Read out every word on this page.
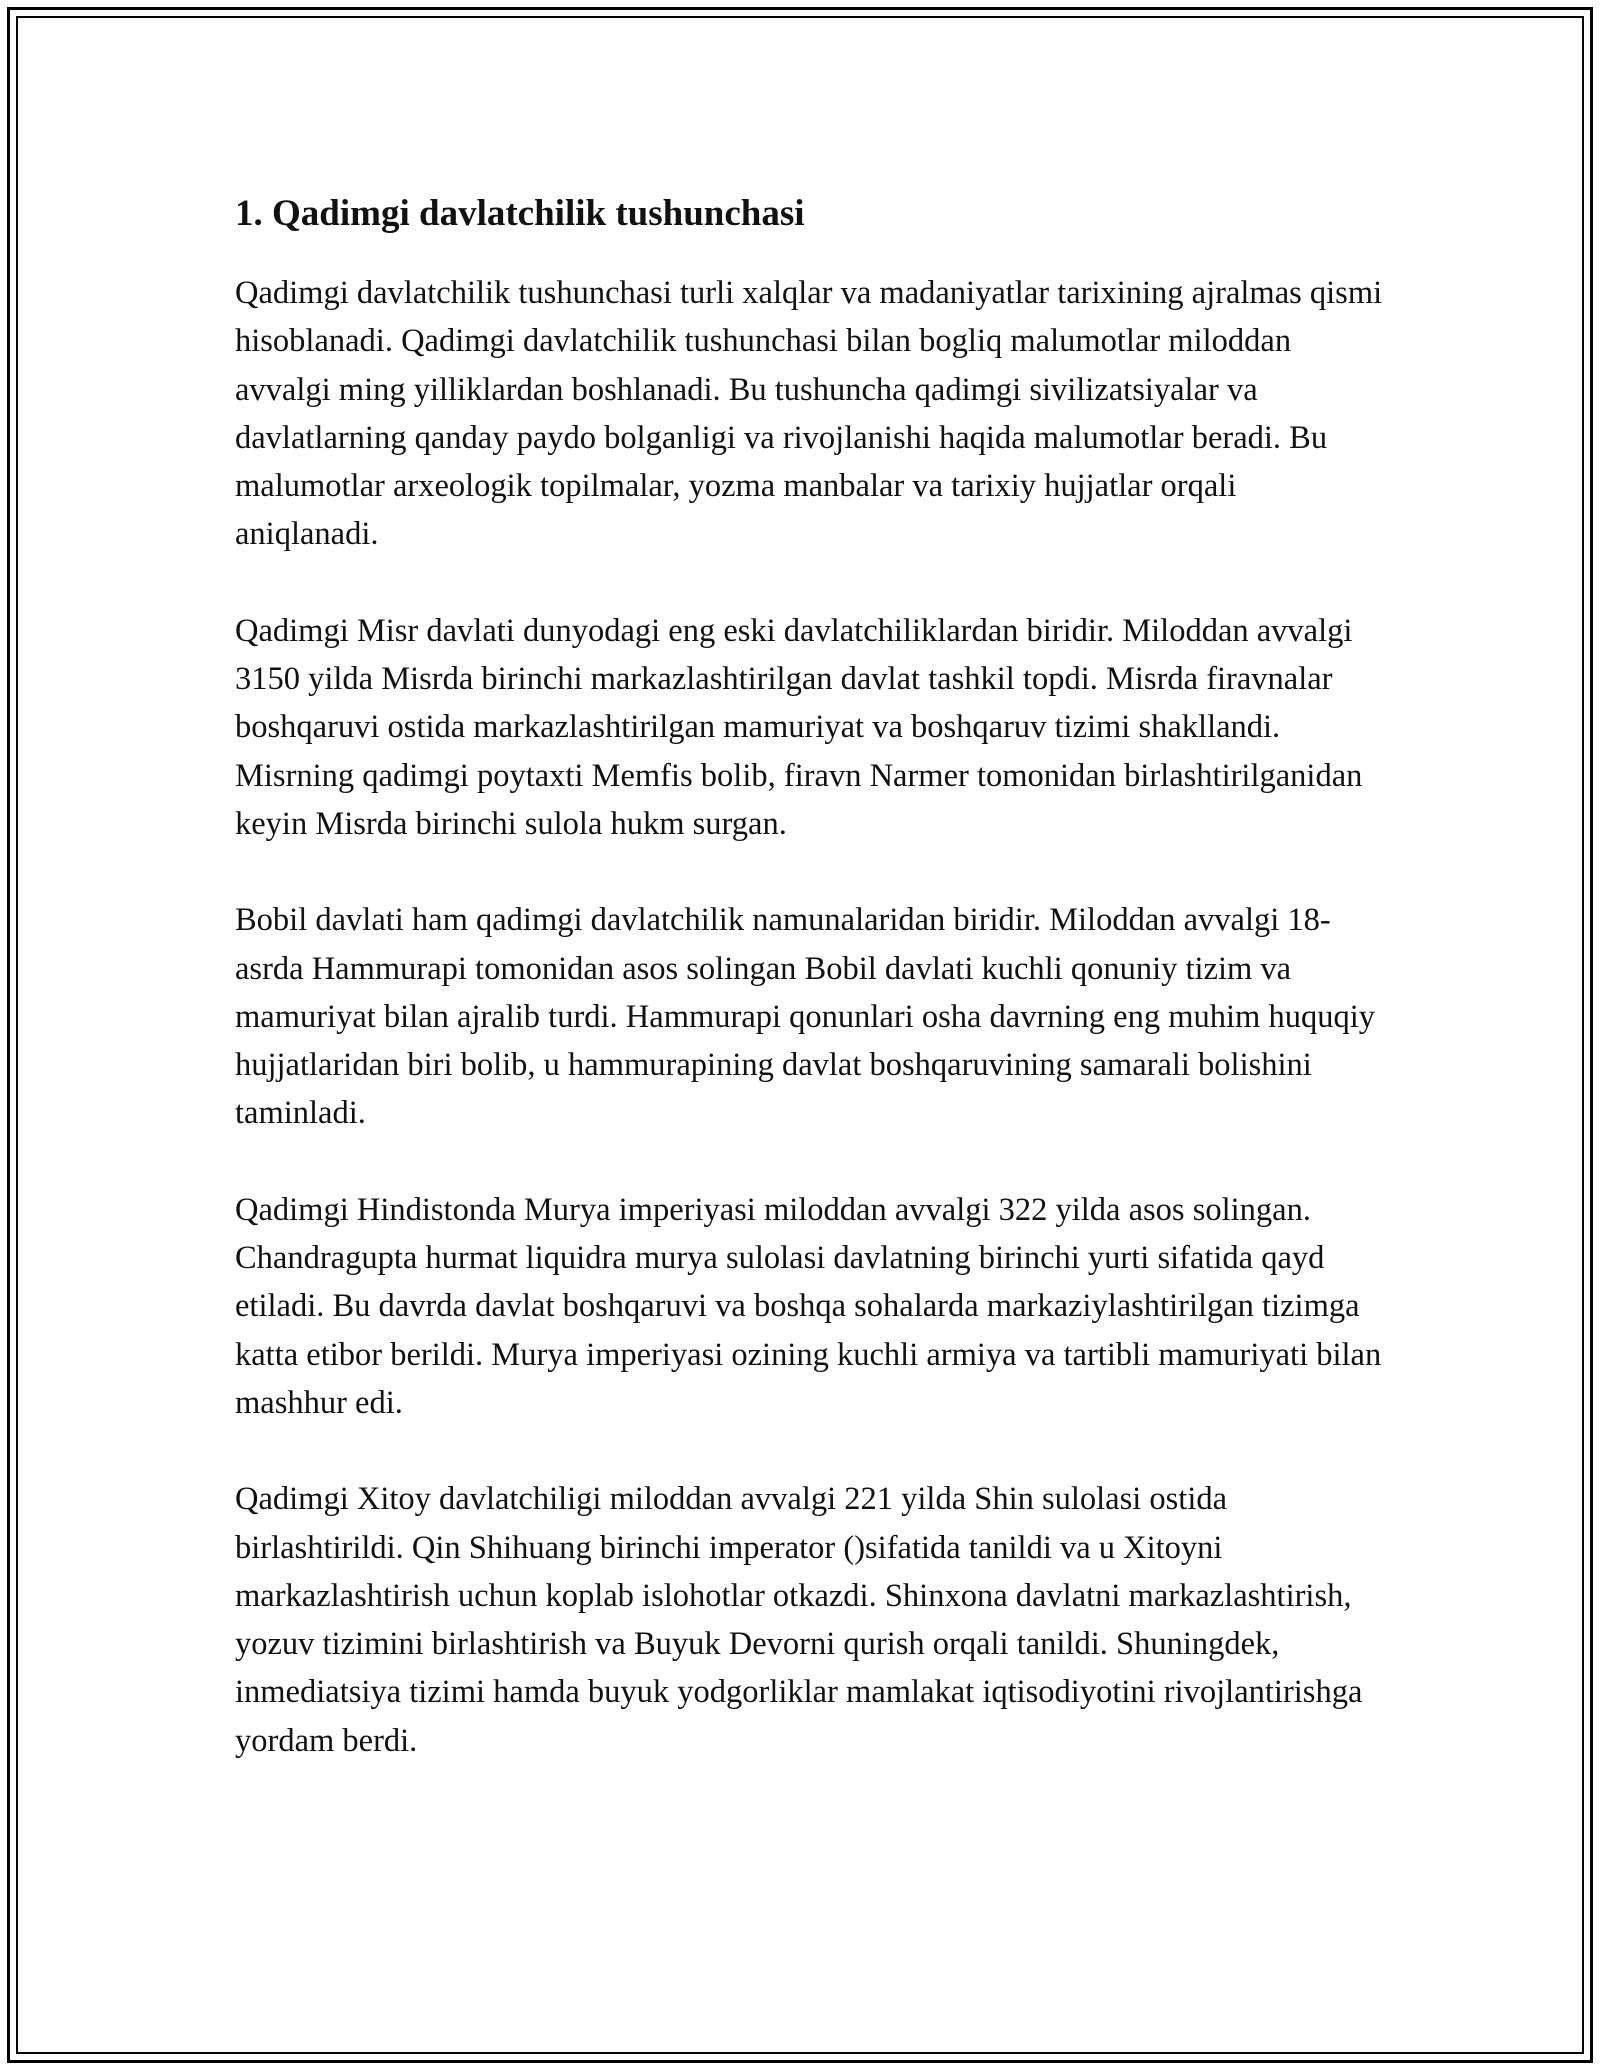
1. Qadimgi davlatchilik tushunchasi

Qadimgi davlatchilik tushunchasi turli xalqlar va madaniyatlar tarixining ajralmas qismi hisoblanadi. Qadimgi davlatchilik tushunchasi bilan bogliq malumotlar miloddan avvalgi ming yilliklardan boshlanadi. Bu tushuncha qadimgi sivilizatsiyalar va davlatlarning qanday paydo bolganligi va rivojlanishi haqida malumotlar beradi. Bu malumotlar arxeologik topilmalar, yozma manbalar va tarixiy hujjatlar orqali aniqlanadi.

Qadimgi Misr davlati dunyodagi eng eski davlatchiliklardan biridir. Miloddan avvalgi 3150 yilda Misrda birinchi markazlashtirilgan davlat tashkil topdi. Misrda firavnalar boshqaruvi ostida markazlashtirilgan mamuriyat va boshqaruv tizimi shakllandi. Misrning qadimgi poytaxti Memfis bolib, firavn Narmer tomonidan birlashtirilganidan keyin Misrda birinchi sulola hukm surgan.

Bobil davlati ham qadimgi davlatchilik namunalaridan biridir. Miloddan avvalgi 18-asrda Hammurapi tomonidan asos solingan Bobil davlati kuchli qonuniy tizim va mamuriyat bilan ajralib turdi. Hammurapi qonunlari osha davrning eng muhim huquqiy hujjatlaridan biri bolib, u hammurapining davlat boshqaruvining samarali bolishini taminladi.

Qadimgi Hindistonda Murya imperiyasi miloddan avvalgi 322 yilda asos solingan. Chandragupta hurmat liquidra murya sulolasi davlatning birinchi yurti sifatida qayd etiladi. Bu davrda davlat boshqaruvi va boshqa sohalarda markaziylashtirilgan tizimga katta etibor berildi. Murya imperiyasi ozining kuchli armiya va tartibli mamuriyati bilan mashhur edi.

Qadimgi Xitoy davlatchiligi miloddan avvalgi 221 yilda Shin sulolasi ostida birlashtirildi. Qin Shihuang birinchi imperator ()sifatida tanildi va u Xitoyni markazlashtirish uchun koplab islohotlar otkazdi. Shinxona davlatni markazlashtirish, yozuv tizimini birlashtirish va Buyuk Devorni qurish orqali tanildi. Shuningdek, inmediatsiya tizimi hamda buyuk yodgorliklar mamlakat iqtisodiyotini rivojlantirishga yordam berdi.
